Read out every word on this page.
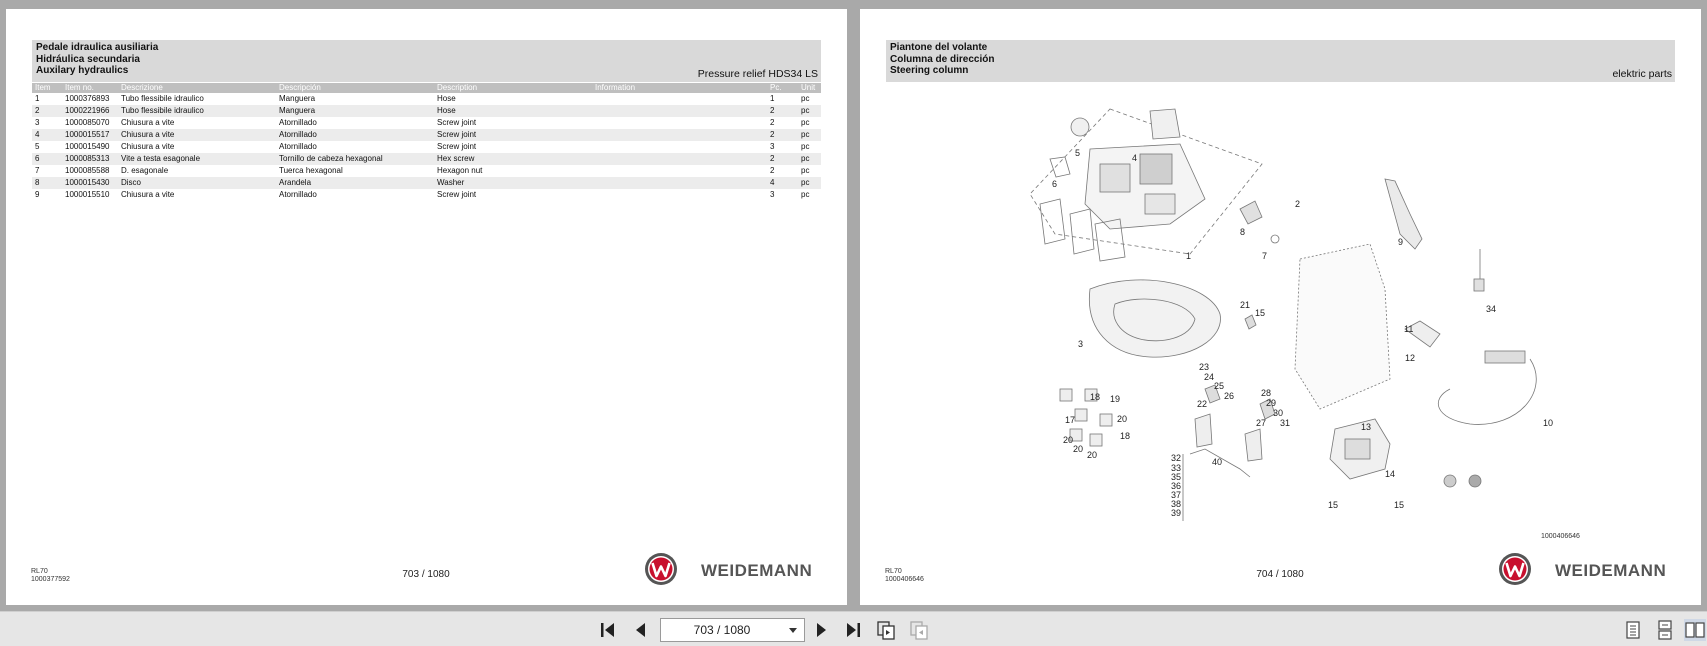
Pedale idraulica ausiliaria
Hidráulica secundaria
Auxilary hydraulics	Pressure relief HDS34 LS
Item	Item no.	Descrizione	Descripción	Description	Information	Pc.	Unit
1	1000376893	Tubo flessibile idraulico	Manguera	Hose		1	pc
2	1000221966	Tubo flessibile idraulico	Manguera	Hose		2	pc
3	1000085070	Chiusura a vite	Atornillado	Screw joint		2	pc
4	1000015517	Chiusura a vite	Atornillado	Screw joint		2	pc
5	1000015490	Chiusura a vite	Atornillado	Screw joint		3	pc
6	1000085313	Vite a testa esagonale	Tornillo de cabeza hexagonal	Hex screw		2	pc
7	1000085588	D. esagonale	Tuerca hexagonal	Hexagon nut		2	pc
8	1000015430	Disco	Arandela	Washer		4	pc
9	1000015510	Chiusura a vite	Atornillado	Screw joint		3	pc
RL70
1000377592	703 / 1080	WEIDEMANN
Piantone del volante
Columna de dirección
Steering column	elektric parts
1
2
3
4
5
6
7
8
9
10
11
12
13
14
15
15	15
17
18
18
19
20
20
20
20
21
22
23
24
25
26
27
28
29
30
31
32
33
34
35
36
37
38
39
40
1000406646
RL70
1000406646	704 / 1080	WEIDEMANN
703 / 1080
